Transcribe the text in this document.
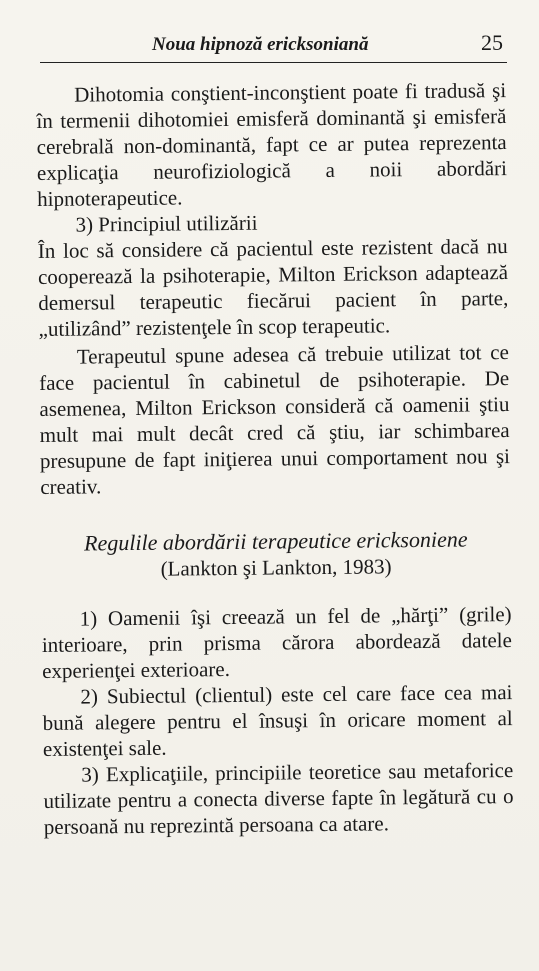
Noua hipnoză ericksoniană	25

Dihotomia conştient-inconştient poate fi tradusă şi în termenii dihotomiei emisferă dominantă şi emisferă cerebrală non-dominantă, fapt ce ar putea reprezenta explicaţia neurofiziologică a noii abordări hipnoterapeutice.

3) Principiul utilizării

În loc să considere că pacientul este rezistent dacă nu cooperează la psihoterapie, Milton Erickson adaptează demersul terapeutic fiecărui pacient în parte, „utilizând” rezistenţele în scop terapeutic.

Terapeutul spune adesea că trebuie utilizat tot ce face pacientul în cabinetul de psihoterapie. De asemenea, Milton Erickson consideră că oamenii ştiu mult mai mult decât cred că ştiu, iar schimbarea presupune de fapt iniţierea unui comportament nou şi creativ.

Regulile abordării terapeutice ericksoniene
(Lankton şi Lankton, 1983)

1) Oamenii îşi creează un fel de „hărţi” (grile) interioare, prin prisma cărora abordează datele experienţei exterioare.

2) Subiectul (clientul) este cel care face cea mai bună alegere pentru el însuşi în oricare moment al existenţei sale.

3) Explicaţiile, principiile teoretice sau metaforice utilizate pentru a conecta diverse fapte în legătură cu o persoană nu reprezintă persoana ca atare.
